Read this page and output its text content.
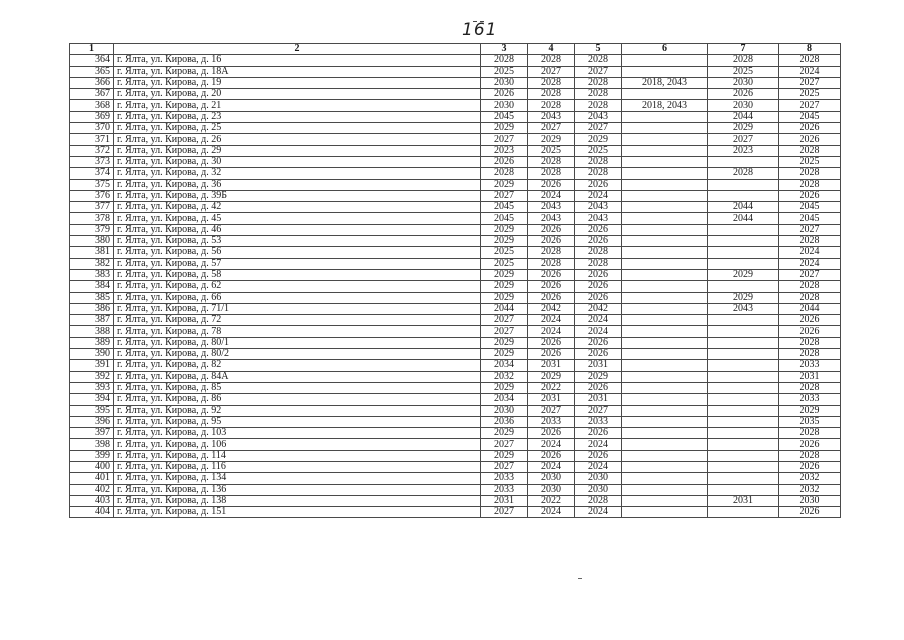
161
1	2	3	4	5	6	7	8
364	г. Ялта, ул. Кирова, д. 16	2028	2028	2028		2028	2028
365	г. Ялта, ул. Кирова, д. 18А	2025	2027	2027		2025	2024
366	г. Ялта, ул. Кирова, д. 19	2030	2028	2028	2018, 2043	2030	2027
367	г. Ялта, ул. Кирова, д. 20	2026	2028	2028		2026	2025
368	г. Ялта, ул. Кирова, д. 21	2030	2028	2028	2018, 2043	2030	2027
369	г. Ялта, ул. Кирова, д. 23	2045	2043	2043		2044	2045
370	г. Ялта, ул. Кирова, д. 25	2029	2027	2027		2029	2026
371	г. Ялта, ул. Кирова, д. 26	2027	2029	2029		2027	2026
372	г. Ялта, ул. Кирова, д. 29	2023	2025	2025		2023	2028
373	г. Ялта, ул. Кирова, д. 30	2026	2028	2028			2025
374	г. Ялта, ул. Кирова, д. 32	2028	2028	2028		2028	2028
375	г. Ялта, ул. Кирова, д. 36	2029	2026	2026			2028
376	г. Ялта, ул. Кирова, д. 39Б	2027	2024	2024			2026
377	г. Ялта, ул. Кирова, д. 42	2045	2043	2043		2044	2045
378	г. Ялта, ул. Кирова, д. 45	2045	2043	2043		2044	2045
379	г. Ялта, ул. Кирова, д. 46	2029	2026	2026			2027
380	г. Ялта, ул. Кирова, д. 53	2029	2026	2026			2028
381	г. Ялта, ул. Кирова, д. 56	2025	2028	2028			2024
382	г. Ялта, ул. Кирова, д. 57	2025	2028	2028			2024
383	г. Ялта, ул. Кирова, д. 58	2029	2026	2026		2029	2027
384	г. Ялта, ул. Кирова, д. 62	2029	2026	2026			2028
385	г. Ялта, ул. Кирова, д. 66	2029	2026	2026		2029	2028
386	г. Ялта, ул. Кирова, д. 71/1	2044	2042	2042		2043	2044
387	г. Ялта, ул. Кирова, д. 72	2027	2024	2024			2026
388	г. Ялта, ул. Кирова, д. 78	2027	2024	2024			2026
389	г. Ялта, ул. Кирова, д. 80/1	2029	2026	2026			2028
390	г. Ялта, ул. Кирова, д. 80/2	2029	2026	2026			2028
391	г. Ялта, ул. Кирова, д. 82	2034	2031	2031			2033
392	г. Ялта, ул. Кирова, д. 84А	2032	2029	2029			2031
393	г. Ялта, ул. Кирова, д. 85	2029	2022	2026			2028
394	г. Ялта, ул. Кирова, д. 86	2034	2031	2031			2033
395	г. Ялта, ул. Кирова, д. 92	2030	2027	2027			2029
396	г. Ялта, ул. Кирова, д. 95	2036	2033	2033			2035
397	г. Ялта, ул. Кирова, д. 103	2029	2026	2026			2028
398	г. Ялта, ул. Кирова, д. 106	2027	2024	2024			2026
399	г. Ялта, ул. Кирова, д. 114	2029	2026	2026			2028
400	г. Ялта, ул. Кирова, д. 116	2027	2024	2024			2026
401	г. Ялта, ул. Кирова, д. 134	2033	2030	2030			2032
402	г. Ялта, ул. Кирова, д. 136	2033	2030	2030			2032
403	г. Ялта, ул. Кирова, д. 138	2031	2022	2028		2031	2030
404	г. Ялта, ул. Кирова, д. 151	2027	2024	2024			2026
